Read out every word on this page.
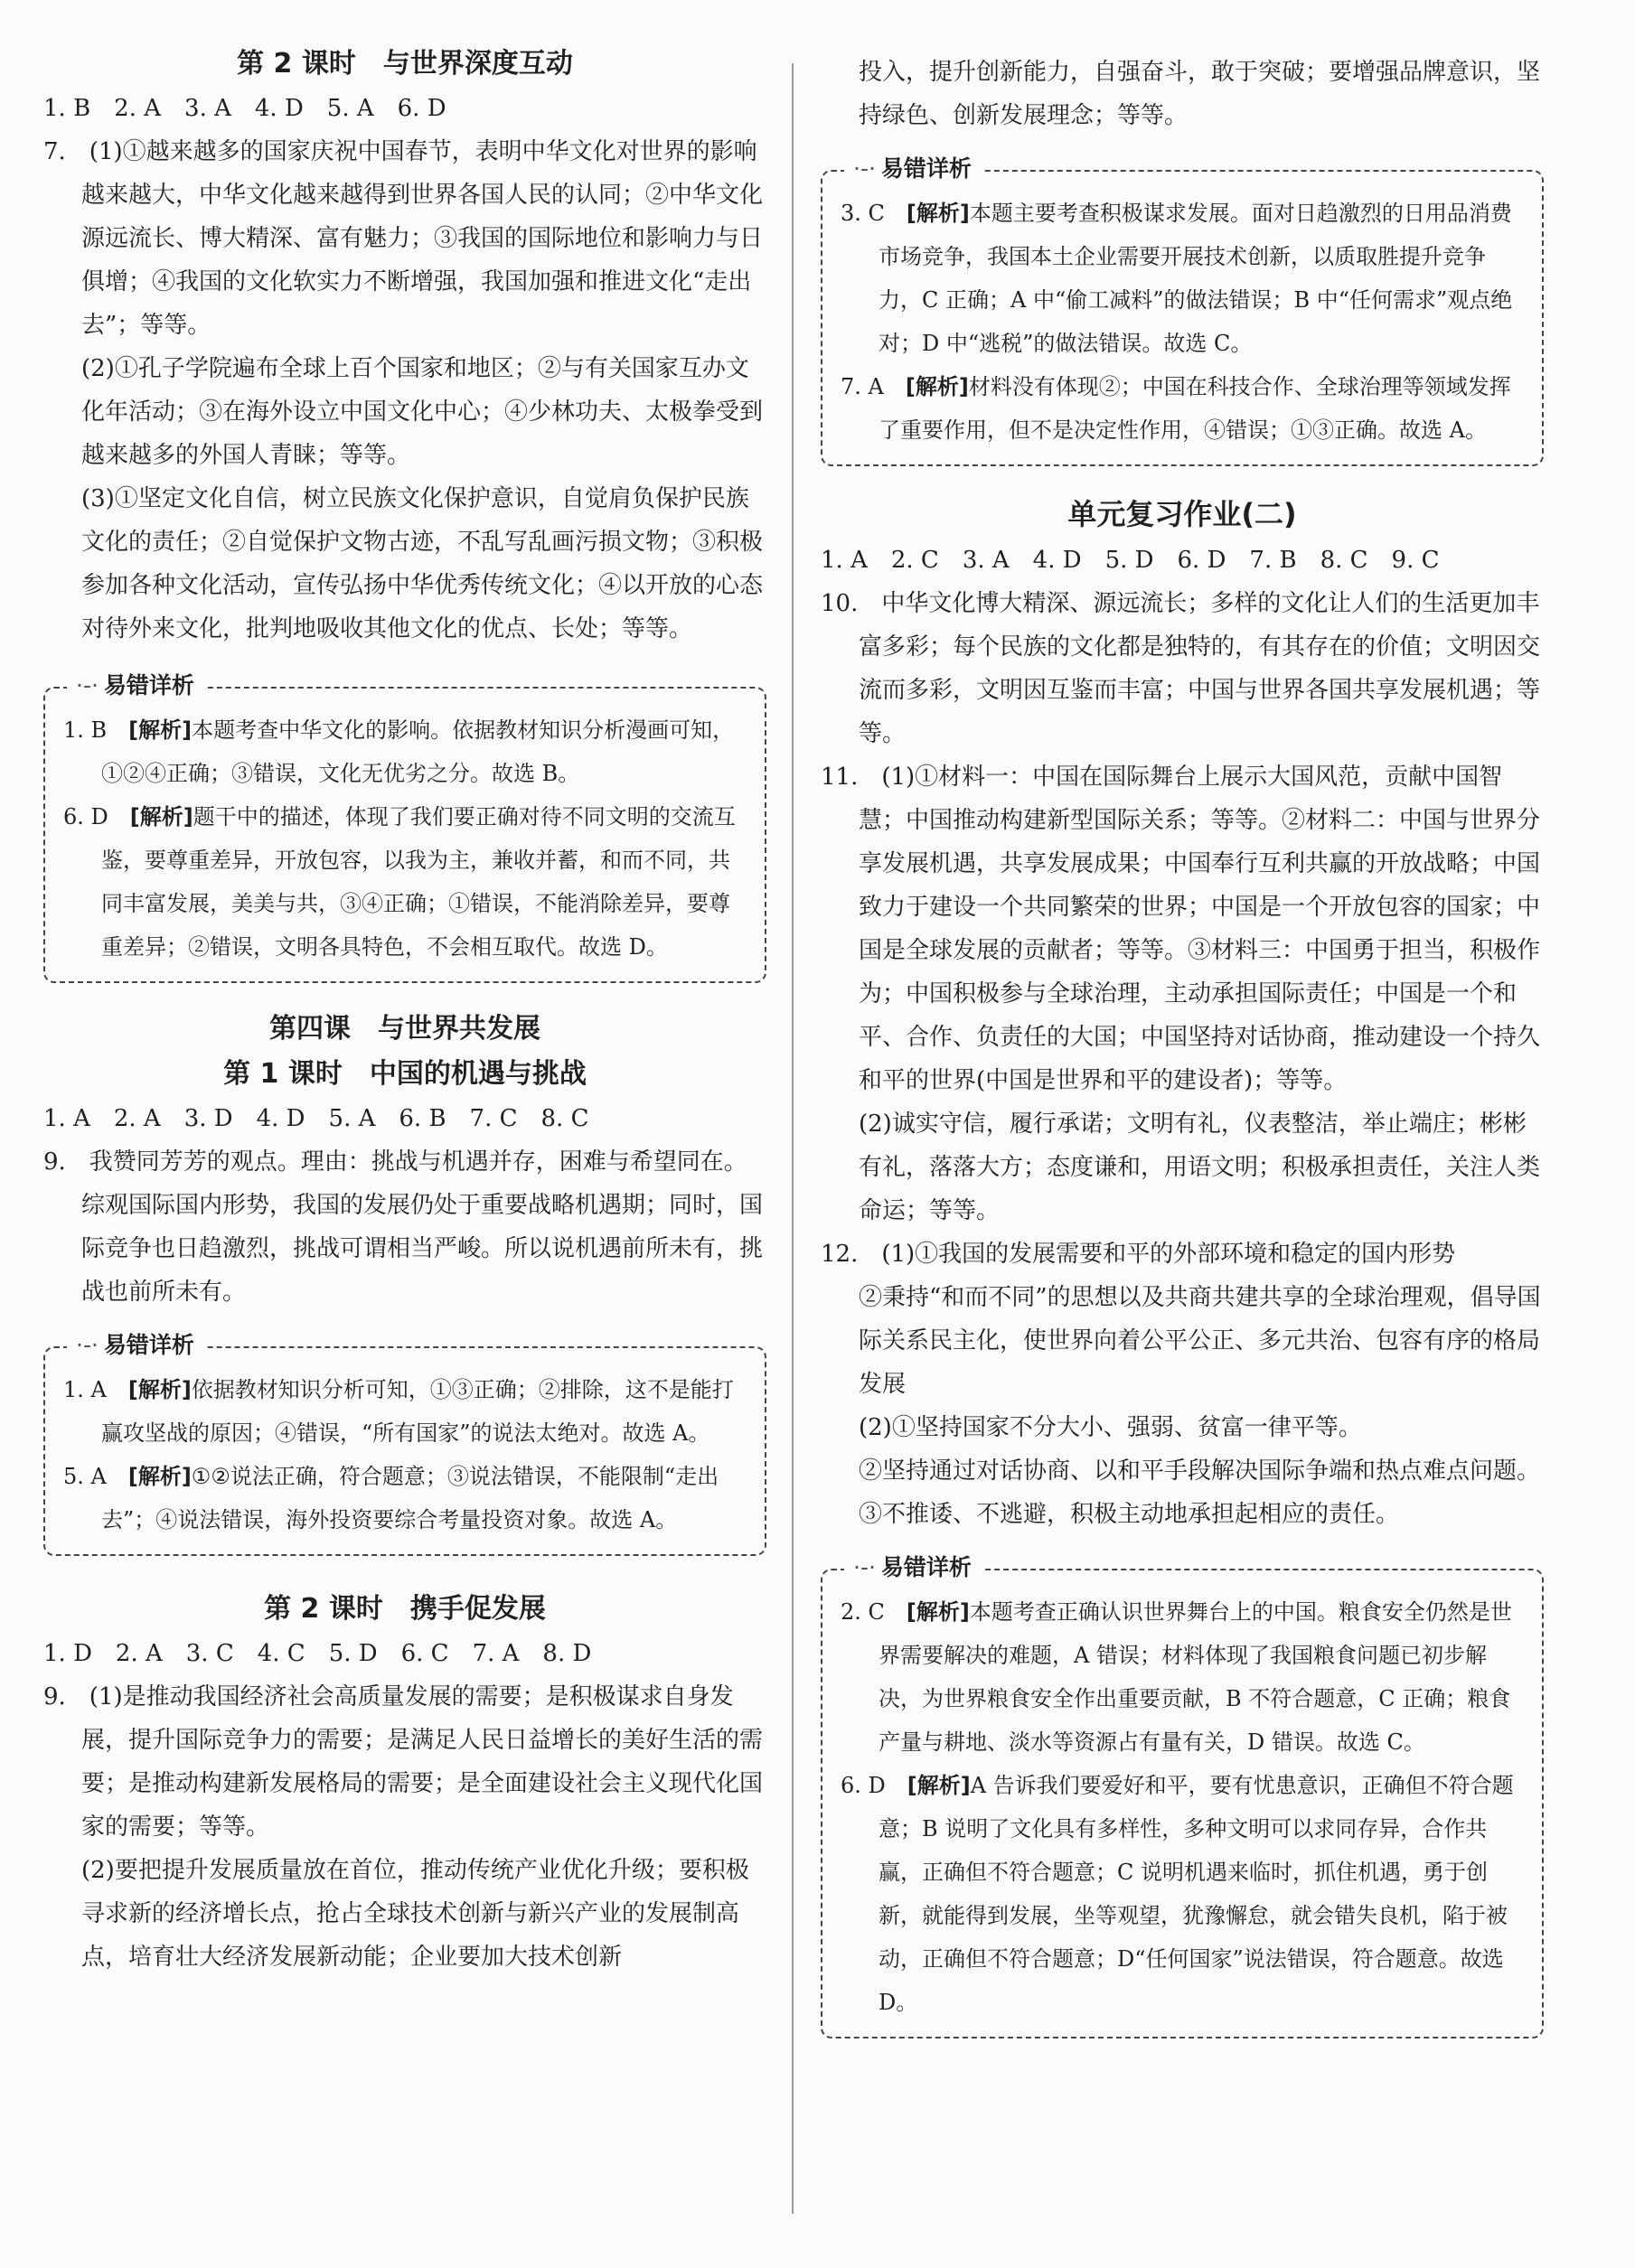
第 2 课时　与世界深度互动

1. B　2. A　3. A　4. D　5. A　6. D

7.　(1)①越来越多的国家庆祝中国春节，表明中华文化对世界的影响越来越大，中华文化越来越得到世界各国人民的认同；②中华文化源远流长、博大精深、富有魅力；③我国的国际地位和影响力与日俱增；④我国的文化软实力不断增强，我国加强和推进文化“走出去”；等等。

(2)①孔子学院遍布全球上百个国家和地区；②与有关国家互办文化年活动；③在海外设立中国文化中心；④少林功夫、太极拳受到越来越多的外国人青睐；等等。

(3)①坚定文化自信，树立民族文化保护意识，自觉肩负保护民族文化的责任；②自觉保护文物古迹，不乱写乱画污损文物；③积极参加各种文化活动，宣传弘扬中华优秀传统文化；④以开放的心态对待外来文化，批判地吸收其他文化的优点、长处；等等。

·-· 易错详析

1. B　 [解析]本题考查中华文化的影响。依据教材知识分析漫画可知，①②④正确；③错误，文化无优劣之分。故选 B。

6. D　 [解析]题干中的描述，体现了我们要正确对待不同文明的交流互鉴，要尊重差异，开放包容，以我为主，兼收并蓄，和而不同，共同丰富发展，美美与共，③④正确；①错误，不能消除差异，要尊重差异；②错误，文明各具特色，不会相互取代。故选 D。

第四课　与世界共发展
第 1 课时　中国的机遇与挑战

1. A　2. A　3. D　4. D　5. A　6. B　7. C　8. C

9.　我赞同芳芳的观点。理由：挑战与机遇并存，困难与希望同在。综观国际国内形势，我国的发展仍处于重要战略机遇期；同时，国际竞争也日趋激烈，挑战可谓相当严峻。所以说机遇前所未有，挑战也前所未有。

·-· 易错详析

1. A　 [解析]依据教材知识分析可知，①③正确；②排除，这不是能打赢攻坚战的原因；④错误，“所有国家”的说法太绝对。故选 A。

5. A　 [解析]①②说法正确，符合题意；③说法错误，不能限制“走出去”；④说法错误，海外投资要综合考量投资对象。故选 A。

第 2 课时　携手促发展

1. D　2. A　3. C　4. C　5. D　6. C　7. A　8. D

9.　(1)是推动我国经济社会高质量发展的需要；是积极谋求自身发展，提升国际竞争力的需要；是满足人民日益增长的美好生活的需要；是推动构建新发展格局的需要；是全面建设社会主义现代化国家的需要；等等。

(2)要把提升发展质量放在首位，推动传统产业优化升级；要积极寻求新的经济增长点，抢占全球技术创新与新兴产业的发展制高点，培育壮大经济发展新动能；企业要加大技术创新

投入，提升创新能力，自强奋斗，敢于突破；要增强品牌意识，坚持绿色、创新发展理念；等等。

·-· 易错详析

3. C　 [解析]本题主要考查积极谋求发展。面对日趋激烈的日用品消费市场竞争，我国本土企业需要开展技术创新，以质取胜提升竞争力，C 正确；A 中“偷工减料”的做法错误；B 中“任何需求”观点绝对；D 中“逃税”的做法错误。故选 C。

7. A　 [解析]材料没有体现②；中国在科技合作、全球治理等领域发挥了重要作用，但不是决定性作用，④错误；①③正确。故选 A。

单元复习作业(二)

1. A　2. C　3. A　4. D　5. D　6. D　7. B　8. C　9. C

10.　中华文化博大精深、源远流长；多样的文化让人们的生活更加丰富多彩；每个民族的文化都是独特的，有其存在的价值；文明因交流而多彩，文明因互鉴而丰富；中国与世界各国共享发展机遇；等等。

11.　(1)①材料一：中国在国际舞台上展示大国风范，贡献中国智慧；中国推动构建新型国际关系；等等。②材料二：中国与世界分享发展机遇，共享发展成果；中国奉行互利共赢的开放战略；中国致力于建设一个共同繁荣的世界；中国是一个开放包容的国家；中国是全球发展的贡献者；等等。③材料三：中国勇于担当，积极作为；中国积极参与全球治理，主动承担国际责任；中国是一个和平、合作、负责任的大国；中国坚持对话协商，推动建设一个持久和平的世界(中国是世界和平的建设者)；等等。

(2)诚实守信，履行承诺；文明有礼，仪表整洁，举止端庄；彬彬有礼，落落大方；态度谦和，用语文明；积极承担责任，关注人类命运；等等。

12.　(1)①我国的发展需要和平的外部环境和稳定的国内形势

②秉持“和而不同”的思想以及共商共建共享的全球治理观，倡导国际关系民主化，使世界向着公平公正、多元共治、包容有序的格局发展

(2)①坚持国家不分大小、强弱、贫富一律平等。

②坚持通过对话协商、以和平手段解决国际争端和热点难点问题。

③不推诿、不逃避，积极主动地承担起相应的责任。

·-· 易错详析

2. C　 [解析]本题考查正确认识世界舞台上的中国。粮食安全仍然是世界需要解决的难题，A 错误；材料体现了我国粮食问题已初步解决，为世界粮食安全作出重要贡献，B 不符合题意，C 正确；粮食产量与耕地、淡水等资源占有量有关，D 错误。故选 C。

6. D　 [解析]A 告诉我们要爱好和平，要有忧患意识，正确但不符合题意；B 说明了文化具有多样性，多种文明可以求同存异，合作共赢，正确但不符合题意；C 说明机遇来临时，抓住机遇，勇于创新，就能得到发展，坐等观望，犹豫懈怠，就会错失良机，陷于被动，正确但不符合题意；D“任何国家”说法错误，符合题意。故选 D。
